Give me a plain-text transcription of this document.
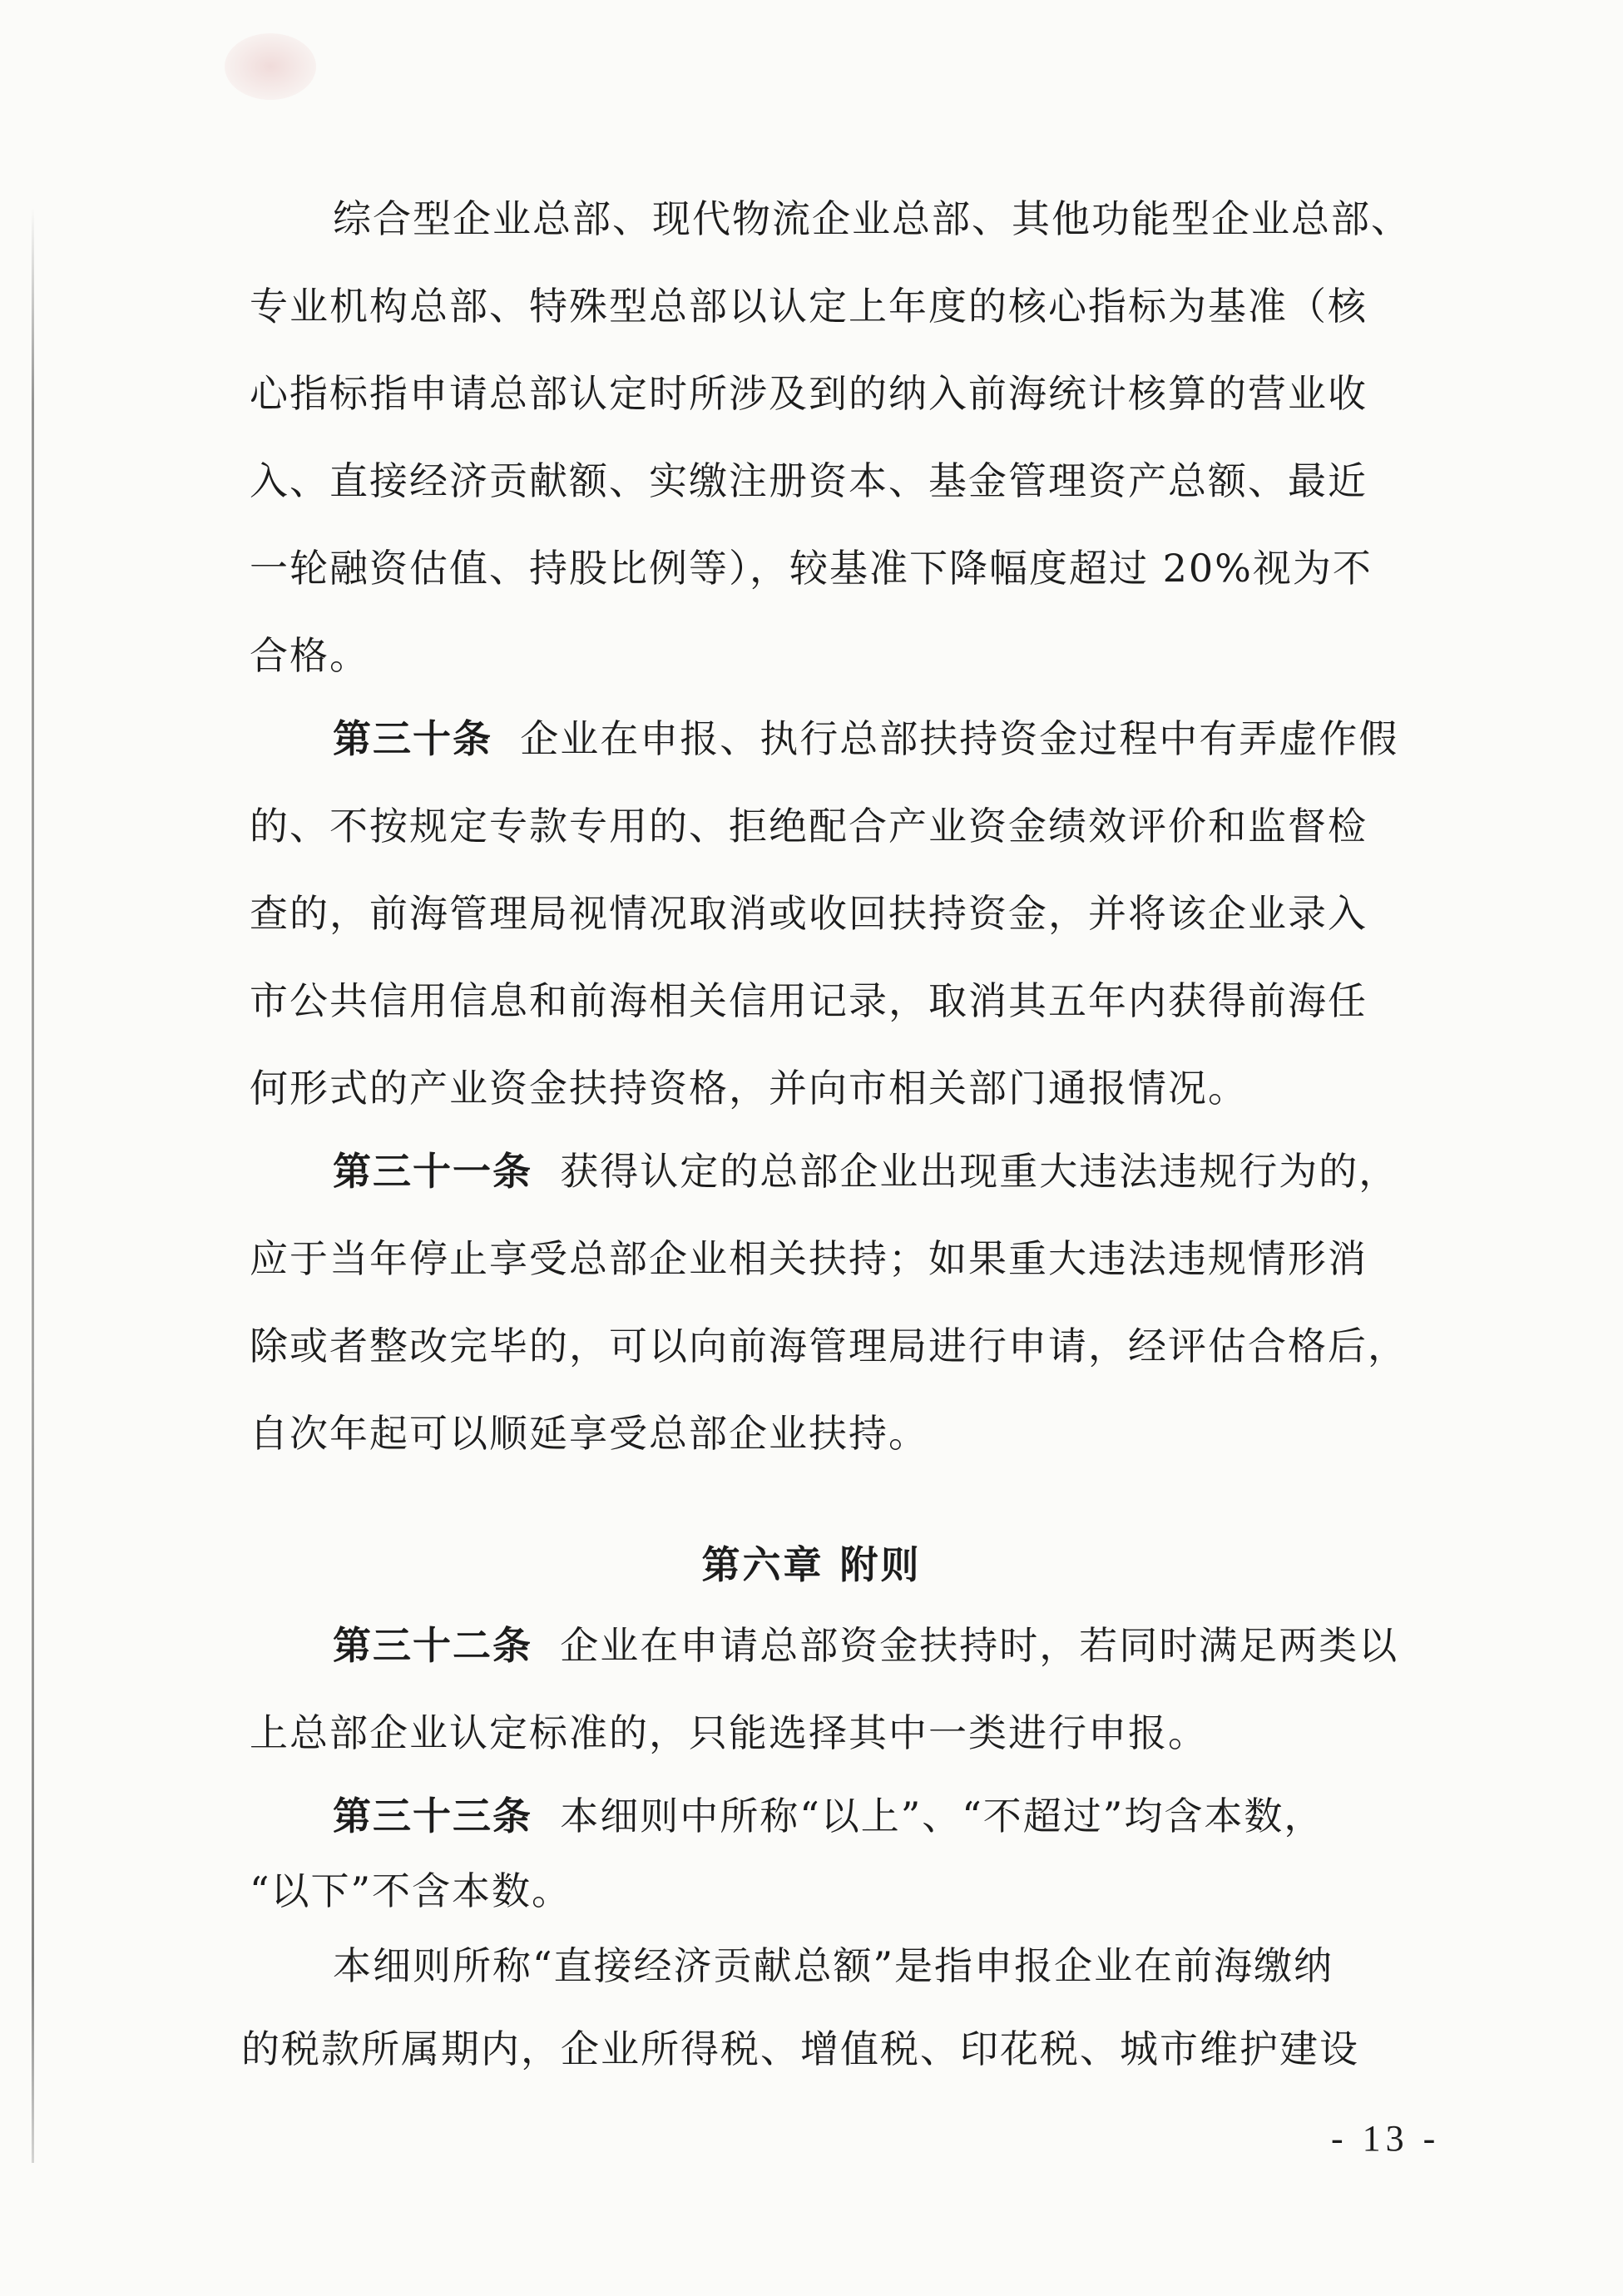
综合型企业总部、现代物流企业总部、其他功能型企业总部、
专业机构总部、特殊型总部以认定上年度的核心指标为基准（核
心指标指申请总部认定时所涉及到的纳入前海统计核算的营业收
入、直接经济贡献额、实缴注册资本、基金管理资产总额、最近
一轮融资估值、持股比例等），较基准下降幅度超过 20%视为不
合格。
第三十条 企业在申报、执行总部扶持资金过程中有弄虚作假
的、不按规定专款专用的、拒绝配合产业资金绩效评价和监督检
查的，前海管理局视情况取消或收回扶持资金，并将该企业录入
市公共信用信息和前海相关信用记录，取消其五年内获得前海任
何形式的产业资金扶持资格，并向市相关部门通报情况。
第三十一条 获得认定的总部企业出现重大违法违规行为的，
应于当年停止享受总部企业相关扶持；如果重大违法违规情形消
除或者整改完毕的，可以向前海管理局进行申请，经评估合格后，
自次年起可以顺延享受总部企业扶持。
第六章 附则
第三十二条 企业在申请总部资金扶持时，若同时满足两类以
上总部企业认定标准的，只能选择其中一类进行申报。
第三十三条 本细则中所称“以上”、“不超过”均含本数，
“以下”不含本数。
本细则所称“直接经济贡献总额”是指申报企业在前海缴纳
的税款所属期内，企业所得税、增值税、印花税、城市维护建设
- 13 -
